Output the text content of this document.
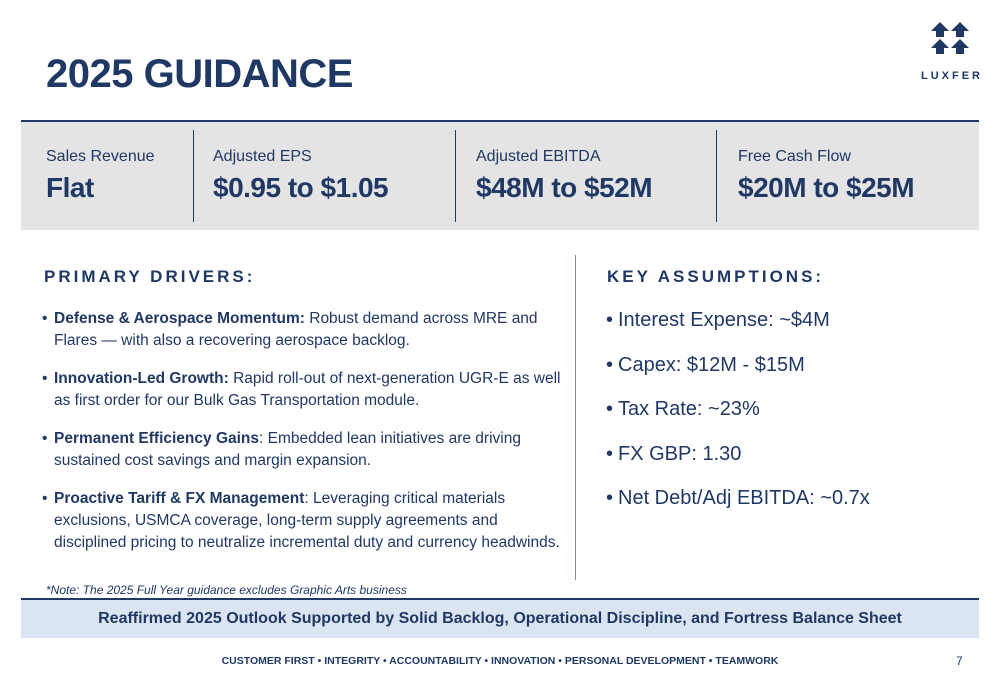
2025 GUIDANCE	LUXFER
Sales Revenue
Flat
Adjusted EPS
$0.95 to $1.05
Adjusted EBITDA
$48M to $52M
Free Cash Flow
$20M to $25M
PRIMARY DRIVERS:
• Defense & Aerospace Momentum: Robust demand across MRE and Flares — with also a recovering aerospace backlog.
• Innovation-Led Growth: Rapid roll-out of next-generation UGR-E as well as first order for our Bulk Gas Transportation module.
• Permanent Efficiency Gains: Embedded lean initiatives are driving sustained cost savings and margin expansion.
• Proactive Tariff & FX Management: Leveraging critical materials exclusions, USMCA coverage, long-term supply agreements and disciplined pricing to neutralize incremental duty and currency headwinds.
KEY ASSUMPTIONS:
• Interest Expense: ~$4M
• Capex: $12M - $15M
• Tax Rate: ~23%
• FX GBP: 1.30
• Net Debt/Adj EBITDA: ~0.7x
*Note: The 2025 Full Year guidance excludes Graphic Arts business
Reaffirmed 2025 Outlook Supported by Solid Backlog, Operational Discipline, and Fortress Balance Sheet
CUSTOMER FIRST • INTEGRITY • ACCOUNTABILITY • INNOVATION • PERSONAL DEVELOPMENT • TEAMWORK	7
